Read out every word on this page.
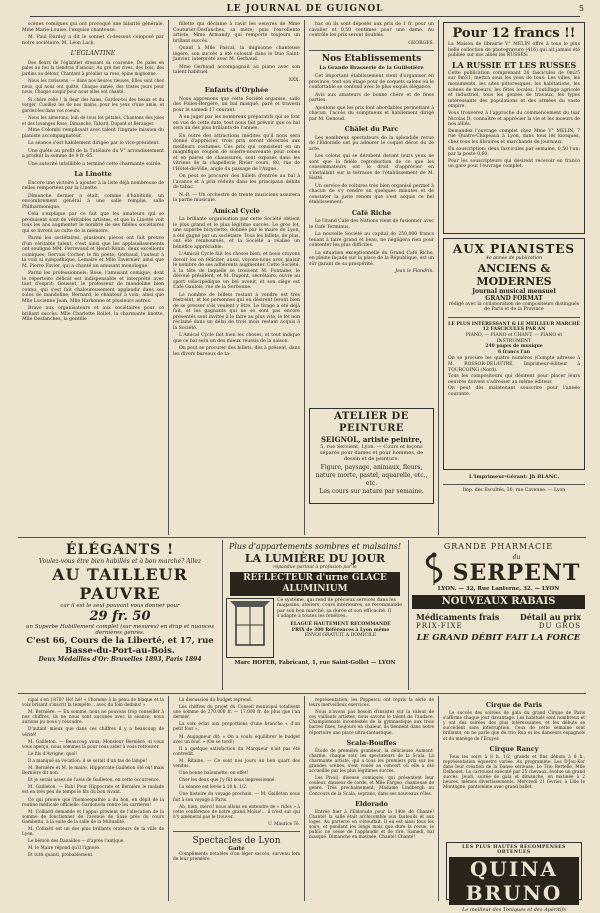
LE JOURNAL DE GUIGNOL	5

scènes comiques qui ont provoqué une hilarité générale. Mme Marie-Louise, l'exquise chanteuse.

M. Paul Dardoy a dit le sonnet ci-dessous composé par notre sociétaire, M. Léon Lack.

L'ÉGLANTINE

Des fleurs de l'églantier dressant sa couronne, De pales en pales au fou la tiendras d'amour; Au gré des rives, des bois, des jardins au détour, Chantant à préalier sa rose, épine mignonne.

Nous les ravissons, — dans nos heures rieuses, Elles sont chez nous, qui nous ont quitté, Chaque année, des tristes jours pour nous, Chaque soupir pour nous elles ont chanté.

Si chère celle ! la fleur des haies, Gardez-toi des beaux et du verger, Cueillez les de nos mains, pour les yeux d'une amie, et gardez-les dans vos coeurs.

Nous les aimerons, loin de tous les pétales, Chantons des joies et des louanges Rose, Dimanche, Tabard, Dupont et Beranger.

Mme Colombi remplissait avec talent l'ingrate mission du pianiste accompagnateur.

La séance s'est habilement dirigée par le vice-président.

Une quête au profit de la Tutélaire du V° arrondissement a produit la somme de 9 fr. 65.

Une autorité infaillible a terminé cette charmante soirée.

La Linotte

Encore une victoire à ajouter à la liste déjà nombreuse de celles remportées par la Linotte.

Dimanche dernier a était, comme d'habitude, un encombrement général à une salle remplie, salle Philharmonique.

Cela s'explique par ce fait que les amateurs qui se produisent sont de véritables artistes, et que la Linotte voit tous les ans augmenter le nombre de ses fidèles sociétaires qui se livrent au culte de la mémoire.

Parmi les sociétaires, plusieurs pièces ont fait preuve d'un véritable talent, c'est ainsi que les applaudissements ont souligné MM. Perrevaud et Henri-Ronin, deux excellents comiques; Gervais Cocher, le fin poète; Gerbaud, l'auteur à la voix si sympathique, Lemaire et Mlle Tavernier, ainsi que M. Pierre Favier, qui a chanté un amusant monologue.

Parmi les professionnels: Rose, l'amusant comique, dont le répertoire délicat est indispensable et interprété avec tant d'esprit; Gousset, le professeur de mandoline bien connu, qui s'est fait chaleureusement applaudir dans ses solos de mandoline; Bernard, le chanteur à voix; ainsi que Mlle Lucienne Jean, Mlle Harkonne et plusieurs autres.

Bravo aux organisateurs et aux sociétaires pour ce brillant succès. Mlle Charlotte Rollet, la charmante linotte, Mlle Desfanches, la gentille

fillette qui déclame à ravir les oeuvres de Mme Couturier-Desfanches, sa mère; puis l'excellente artiste, Mme Armandy, qui remporte toujours un brillant succès.

Quant à Mlle Pascal, la mignonne chanteuse légère, son succès a été colossal dans le Duo Saint-Janvier, interprété avec M. Gerbaud.

Mme Gerbaud accompagnait au piano avec son talent habituel.

XXX.
Enfants d'Orphée

Nous apprenons que cette Société organise, salle des Folies-Bergère, un bal masqué, paré et travesti pour le samedi 17 courant.

A en juger par les nombreux préparatifs qui se font en vue de cette date, tout nous fait prévoir que ce bal sera un des plus brillants de l'année.

En outre des attractions inédites qu'il nous sera donné d'apprécier, trois prix seront décernés aux meilleurs costumes. Ces prix qui consistent en un magnifique coupon de soierie-nouveauté pour robes et en paires de chaussures, sont exposés dans les vitrines de la chapellerie Rivier cours, 80, rue de l'Hôtel-de-Ville, angle du passage de l'Argue.

On peut se procurer des billets d'entrée au bal à l'avance et à prix réduits dans les principaux débits de tabac.

N.-B. — Un orchestre de trente musiciens assurera la partie musicale.

Amical Cycle

La brillante organisation par cette Société obtient le plus grand et le plus légitime succès. Le gros lot, une superbe bicyclette, donnée par le maire de Lyon, a été gagné par un sociétaire. Tous les billets, de plus, ont été remboursés, et la Société a réalisé un bénéfice appréciable.

L'Amical Cycle fait les choses bien, et nous croyons devoir les en féliciter, aussi, voyons-nous avec plaisir le nombre de ses adhérents augmenter. Cette Société, à la tête de laquelle se trouvent M. Fontaine, le dévoué président, et M. Dupont, secrétaire, ouvre au sport vélocipédique un bel avenir, et son siège est Café Gaulois, rue de la Sorbonne.

Le nombre de billets restant à vendre est très restreint, et les personnes qui en désirent feront bien de se presser s'ils veulent y être. Le tirage a été déjà fait, et les gagnants qui ne se sont pas encore présentés sont invités à le faire au plus vite, le lot non réclamé dans un délai de trois mois restant acquis à la Société.

L'Amical Cycle fait bien les choses, et tout indique que ce bal sera un des mieux réussis de la saison.

On peut se procurer des billets, dès à présent, dans les divers bureaux de ta-

bac où ils sont déposés aux prix de 1 fr. pour un cavalier et 0,50 centimes pour une dame. Au contrôle les prix seront doublés.

GEORGES.
Nos Etablissements
La Grande Brasserie de la Guillotière

Cet important établissement vient d'organiser en province, tout son étage pour de coquets salons où le confortable se confond avec le plus exquis élégance.

Avis aux amateurs de bonne chère et de fines parties.

Ajoutons que les prix font abordables permettant à chacun, l'accès du somptueux et habilement dirigé par M. Genoud.

Châlet du Parc

Les nombreux spectateurs de la splendide revue de l'Eldorado ont pu admirer le coquet décor du 2e acte.

Les colons qui se dérobent devant leurs yeux ne sont que la fidèle reproduction de ce que les consommateurs ont le droit d'apprécier en s'installant sur la terrasse de l'établissement de M. Hatté.

Un service de voitures très bien organisé permet à chacun de s'y rendre en quelques minutes et de constater la juste renom que s'est acquis ce bel établissement.

Café Riche

Le Grand Café des Nations vient de fusionner avec le Café Terminus.

La nouvelle Société au capital de 250,000 francs tenant à faire grand et beau, ne négligera rien pour contenter les plus difficiles.

La situation exceptionnelle du Grand Café Riche, en pleine façade sur la place de la République, est un sûr garant de sa prospérité.

Jean le Flandrin.
ATELIER DE PEINTURE
SEIGNOL, artiste peintre,
5, rue Servient, Lyon. — Cours et leçons séparés pour dames et pour hommes, de dessin et de peinture.
Figure, paysage, animaux, fleurs, nature morte, pastel, aquarelle, etc., etc.
Les cours sur nature par semaine.
Pour 12 francs !!

La Maison de librairie V° MELIN offre à tous le plus belle collection de photogravure (416) qui ait jamais été publiée sur nos alliés les RUSSES:

LA RUSSIE ET LES RUSSES

Cette publication comprenant 26 fascicules de 0m25 sur 0m31, mettra sous les yeux de tous: Les villes, les monuments, les sites pittoresques, les habitations, les scènes de moeurs, les fêtes locales, l'outillage agricole et industriel, tous les genres de travaux, les types intéressants des populations et des armées du vaste empire.

Vous trouverez à l'approche du commencement du tsar Nicolas II, connaître et apprécier la vie et les moeurs de nos alliés.

Demandez l'ouvrage complet chez Mme V° MELIN, 7 rue Quatre-Chapeaux à Lyon, dans tous les kiosques, chez tous les libraires et marchands de journaux.

En souscription: deux fascicules par semaine, 0,50 l'un; par la poste 0,60.

Pour les souscripteurs qui désirent recevoir en franco un gare pour l'ouvrage complet.

AUX PIANISTES
4e année de publication
ANCIENS & MODERNES
Journal musical mensuel
GRAND FORMAT
rédigé avec la collaboration de compositeurs distingués de Paris et de la Province
LE PLUS INTÉRESSANT & LE MEILLEUR MARCHÉ
12 FASCICULES PAR AN
PIANO, — PIANO et CHANT, — PIANO et INSTRUMENT
240 pages de musique
6 francs l'an

On se procure les quatre numéros (Compte adresse à M. ROSSOR-DELATTRE, Imprimeur-éditeur à TOURCOING (Nord).

Tous les compositeurs qui désirent pour placer leurs oeuvres doivent s'adresser au même éditeur.

On peut dès maintenant souscrire pour l'année courante.

L'Imprimeur-Gérant: Jh BLANC.
Imp. des Facultés, 30, rue Cavenne. — Lyon
ÉLÉGANTS !
Voulez-vous être bien habillés et à bon marché? Allez
AU TAILLEUR PAUVRE
car il est le seul pouvant vous donner pour
29 fr. 50
un Superbe Habillement complet (sur mesures) en drap et nuances dernières genres.
C'est 66, Cours de la Liberté, et 17, rue
Basse-du-Port-au-Bois.
Deux Médailles d'Or: Bruxelles 1893, Paris 1894
Plus d'appartements sombres et malsains!
LA LUMIÈRE DU JOUR
répandue partout à profusion par le
RÉFLECTEUR d'urne GLACE ALUMINIUM
Ce système, qui rend de précieux services dans les magasins, ateliers, cours intérieures, se recommande par son bon marché, sa durée et son efficacité. Il s'adapte à toutes les fenêtres.
ÉLAGUÉ HAUTEMENT RECOMMANDÉ
PRIX de 300 Références à Lyon même
ENVOI GRATUIT A DOMICILE
Marc HOFER, Fabricant, 1, rue Saint-Gollet — LYON
GRANDE PHARMACIE
du
SERPENT
LYON. — 32, Rue Lanterne, 32. — LYON
NOUVEAUX RABAIS
Médicaments frais	Détail au prix
PRIX-FIXE	DU GROS
LE GRAND DÉBIT FAIT LA FORCE

cipal s'en 1870? Hé! hé! « l'homme à la peau de blaque et la voix brisant s'inscrit la tempête... avec du foin dedans! »

M. Bernière. — En somme, nous ne pouvons trop conseiller à nos chiffres, ils ne nous sont aucunes avec la séance, nous aurions pu nous y résoudre.

D'autant mieux que dans ces chiffres il y a beaucoup de vérité!

M. Gailleton. — Beaucoup vous, Monsieur Bernière, si vous vous aperçu, nous sommes là pour vous aider à vous retrouver.

Le fils d'Avrigne, quoi!

Il a manqué sa vocation: il se serait d'un tas de lampe!

M. Bernière et M. le maire, Hippocrate-Gailleton ôté où! mais Bernière dit non.

Et je serais assez de l'avis de Gailleton, en cette occurrence.

M. Gailleton. — Bah! Pour Hippocrate et Bernière le malade est en très peu de temps le fils du bon vivant.

Ce qui prouve que l'homoeopathie a du bon, en dépit de la routine médicale officielle. Gardons-la contre les carrières!

M. Colliard demande et l'appui provient de l'allocation de la somme de fonctionner de l'avenue de Saxe près du cours Gambetta, à la suite de la salle de la Mutualité.

M. Colliard est un des plus brillants orateurs de la ville de Lyon.

Le bémon des Danaïdes — d'après l'antique.

M. le Maire répond qu'il l'ignore.

Et tutti quanti, probablement.

La discussion du budget reprend.

Les chiffres du projet du Conseil municipal totalisent une somme de 270.000 fr. — 17.000 fr. de plus que l'an dernier.

La voix éclat aux proportions d'une branche « d'un petit four ».

M. Augagneur dit: « On a voulu équilibrer le budget avec un four. » (On se tord!)

Il a quelque satisfaction du Marqueur n'ait pas été contredit.

M. Ritaine. — Ce sont nos jours un bon quart des vendus.

Une bonne baïonnette, en effet!

Cher les deux que j'y fût nous impressionné.

La séance est levée à 10 h. 1/2.

Une histoire du voyage prochain. — M. Gailleton nous fait à son voyage à Paris.

Ah, bien, merci! nous allons en entendre de « rides » à cette conférence de notre grand Moïse!... il n'est sur qui n'y amènerai pas le trouver.

U. Maurice Té.
Spectacles de Lyon
Gaîté

Compliments notables d'un léger saccès, survenu lors de leur première

représentation, les Poppescu ont repris la série de leurs merveilleux exercices.

Nous n'avons pas besoin d'insister sur la valeur de ces vaillants artistes, nous savons le talent de l'audace. Championnats incontestés de la gymnastique aux trois barres fixes, toujours en chaleur, ils tiennent dans notre répertoire une place ultra-fantastique.

Scala-Bouffes

Étoile de première grandeur, la délicieuse Aumont-charme, chaque soir, les spectateurs de la Scala. La charmante artiste, qui a tous les premiers prix sur les grandes scènes, s'est vouée au concert où elle a été accueillie par les plus légitimes succès.

Les Pivoil, diseuse comiques, qui présentent leur couleur, danseur de corde, et Mlle Fargeo, chanteuse de genre. Très prochainement, Madame Lindbergh au Concours de la Scala, soprano, dans ses nouveaux rôles.

Eldorado

Entrée hier à l'Eldorado pour la 140e de Chanté! Chanté! la salle était archicomble aux fauteuils et aux loges. Au parterre on s'étouffait. Il en est ainsi tous les soirs, et pendant les longs mois que dure la revue, le public ne cesse de l'applaudir et de rire. Samedi, bal masqué. Dimanche en matinée, Chanté! Chanté!

Cirque de Paris

Le succès des soirées de gala du grand Cirque de Paris s'affirme chaque jour davantage. Les habitués sont nombreux et y ont des soirées des plus intéressantes, et les débuts se succèdent sans interruption. Ceux de cette semaine sont brillants, on ne parle que du trio Rua et les danseurs espagnols et du manège de l'Écuyer.

Cirque Rancy

Tous les soirs à 8 h. 1/2, grands et fins débuts à 8 h., représentation équestre variée. Au programme: Les D'Jou-Kor dans leur création de la Danse sérieuse, Le Trio Bertelle, Mlle Delhouet. Le carrousel exécuté par 25 chevaux, évolue un grand succès. Jeudi, soirée de gala et dimanche, en matinée à 2 heures, mêmes divertissements. Mercredi 21 février, à Lilie le Montagne, pantomime avec grand ballet.

LES PLUS HAUTES RÉCOMPENSES OBTENUES
QUINA BRUNO
Le meilleur des Toniques et des Apéritifs
